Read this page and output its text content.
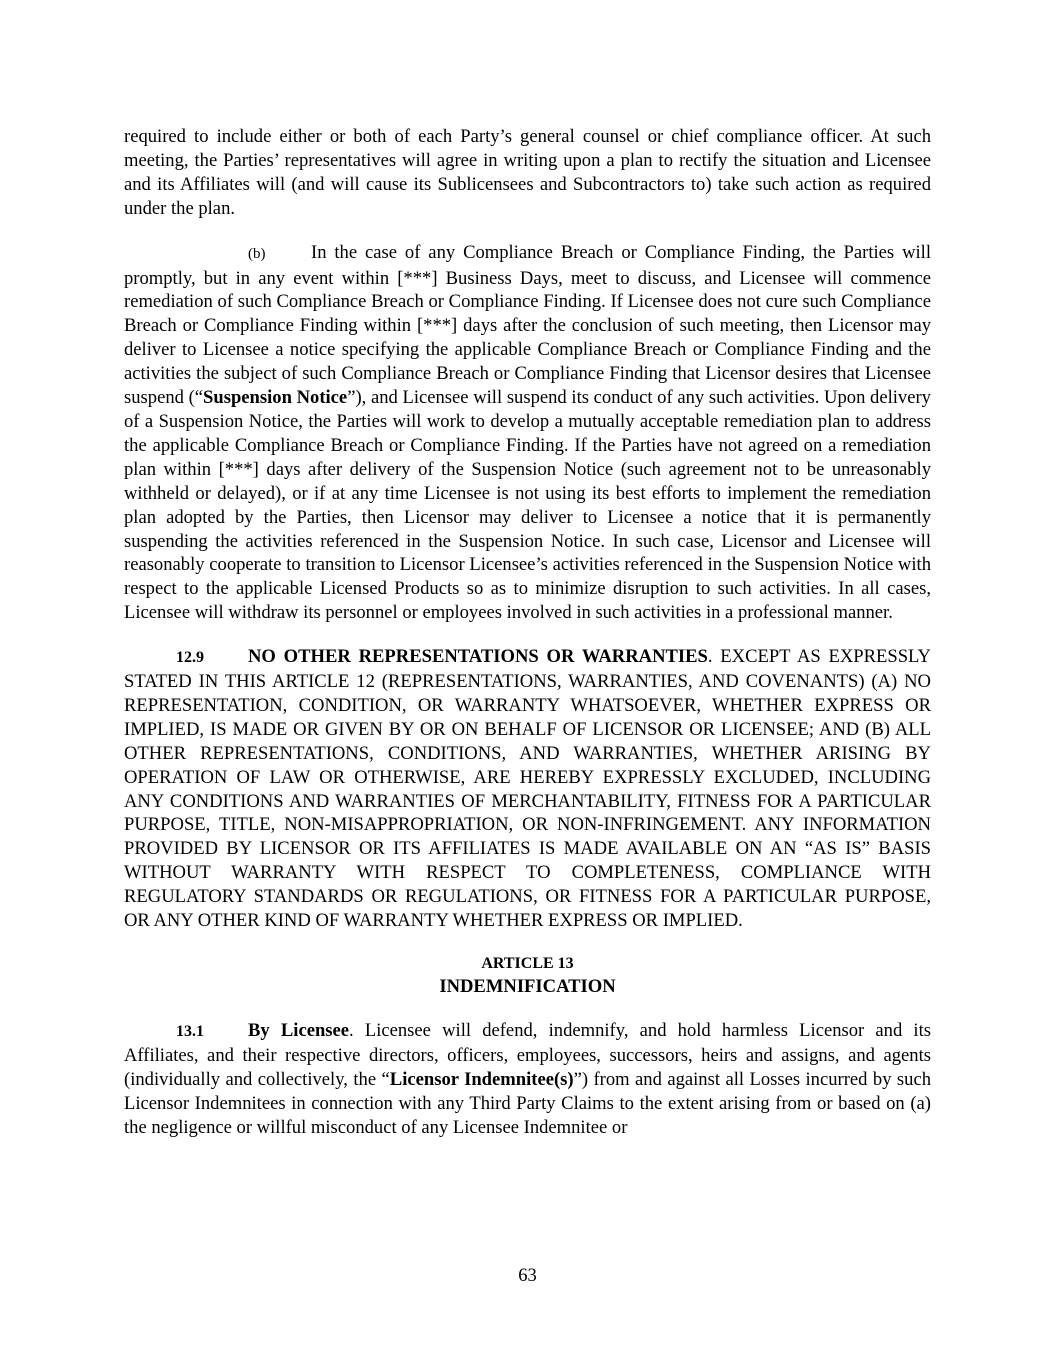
required to include either or both of each Party’s general counsel or chief compliance officer. At such meeting, the Parties’ representatives will agree in writing upon a plan to rectify the situation and Licensee and its Affiliates will (and will cause its Sublicensees and Subcontractors to) take such action as required under the plan.

(b) In the case of any Compliance Breach or Compliance Finding, the Parties will promptly, but in any event within [***] Business Days, meet to discuss, and Licensee will commence remediation of such Compliance Breach or Compliance Finding. If Licensee does not cure such Compliance Breach or Compliance Finding within [***] days after the conclusion of such meeting, then Licensor may deliver to Licensee a notice specifying the applicable Compliance Breach or Compliance Finding and the activities the subject of such Compliance Breach or Compliance Finding that Licensor desires that Licensee suspend (“Suspension Notice”), and Licensee will suspend its conduct of any such activities. Upon delivery of a Suspension Notice, the Parties will work to develop a mutually acceptable remediation plan to address the applicable Compliance Breach or Compliance Finding. If the Parties have not agreed on a remediation plan within [***] days after delivery of the Suspension Notice (such agreement not to be unreasonably withheld or delayed), or if at any time Licensee is not using its best efforts to implement the remediation plan adopted by the Parties, then Licensor may deliver to Licensee a notice that it is permanently suspending the activities referenced in the Suspension Notice. In such case, Licensor and Licensee will reasonably cooperate to transition to Licensor Licensee’s activities referenced in the Suspension Notice with respect to the applicable Licensed Products so as to minimize disruption to such activities. In all cases, Licensee will withdraw its personnel or employees involved in such activities in a professional manner.

12.9 NO OTHER REPRESENTATIONS OR WARRANTIES. EXCEPT AS EXPRESSLY STATED IN THIS ARTICLE 12 (REPRESENTATIONS, WARRANTIES, AND COVENANTS) (A) NO REPRESENTATION, CONDITION, OR WARRANTY WHATSOEVER, WHETHER EXPRESS OR IMPLIED, IS MADE OR GIVEN BY OR ON BEHALF OF LICENSOR OR LICENSEE; AND (B) ALL OTHER REPRESENTATIONS, CONDITIONS, AND WARRANTIES, WHETHER ARISING BY OPERATION OF LAW OR OTHERWISE, ARE HEREBY EXPRESSLY EXCLUDED, INCLUDING ANY CONDITIONS AND WARRANTIES OF MERCHANTABILITY, FITNESS FOR A PARTICULAR PURPOSE, TITLE, NON-MISAPPROPRIATION, OR NON-INFRINGEMENT. ANY INFORMATION PROVIDED BY LICENSOR OR ITS AFFILIATES IS MADE AVAILABLE ON AN “AS IS” BASIS WITHOUT WARRANTY WITH RESPECT TO COMPLETENESS, COMPLIANCE WITH REGULATORY STANDARDS OR REGULATIONS, OR FITNESS FOR A PARTICULAR PURPOSE, OR ANY OTHER KIND OF WARRANTY WHETHER EXPRESS OR IMPLIED.

ARTICLE 13
INDEMNIFICATION

13.1 By Licensee. Licensee will defend, indemnify, and hold harmless Licensor and its Affiliates, and their respective directors, officers, employees, successors, heirs and assigns, and agents (individually and collectively, the “Licensor Indemnitee(s)”) from and against all Losses incurred by such Licensor Indemnitees in connection with any Third Party Claims to the extent arising from or based on (a) the negligence or willful misconduct of any Licensee Indemnitee or

63
